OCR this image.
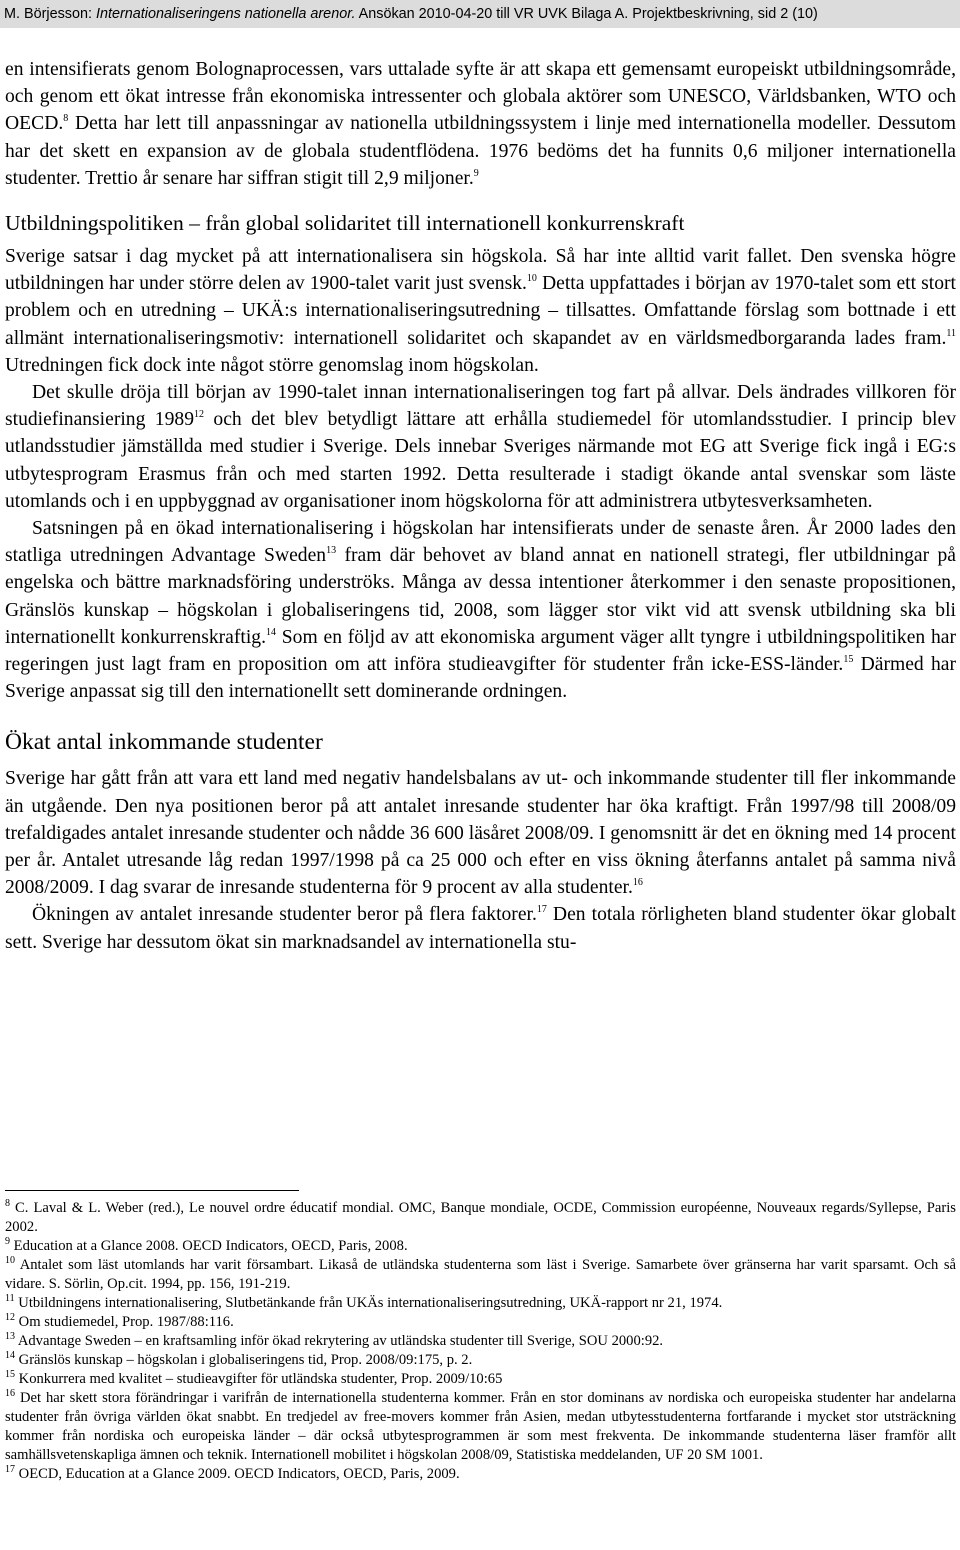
M. Börjesson: Internationaliseringens nationella arenor. Ansökan 2010-04-20 till VR UVK Bilaga A. Projektbeskrivning, sid 2 (10)

en intensifierats genom Bolognaprocessen, vars uttalade syfte är att skapa ett gemensamt europeiskt utbildningsområde, och genom ett ökat intresse från ekonomiska intressenter och globala aktörer som UNESCO, Världsbanken, WTO och OECD.$^8$ Detta har lett till anpassningar av nationella utbildningssystem i linje med internationella modeller. Dessutom har det skett en expansion av de globala studentflödena. 1976 bedöms det ha funnits 0,6 miljoner internationella studenter. Trettio år senare har siffran stigit till 2,9 miljoner.$^9$

Utbildningspolitiken – från global solidaritet till internationell konkurrenskraft

Sverige satsar i dag mycket på att internationalisera sin högskola. Så har inte alltid varit fallet. Den svenska högre utbildningen har under större delen av 1900-talet varit just svensk.$^{10}$ Detta uppfattades i början av 1970-talet som ett stort problem och en utredning – UKÄ:s internationaliseringsutredning – tillsattes. Omfattande förslag som bottnade i ett allmänt internationaliseringsmotiv: internationell solidaritet och skapandet av en världsmedborgaranda lades fram.$^{11}$ Utredningen fick dock inte något större genomslag inom högskolan.

Det skulle dröja till början av 1990-talet innan internationaliseringen tog fart på allvar. Dels ändrades villkoren för studiefinansiering 1989$^{12}$ och det blev betydligt lättare att erhålla studiemedel för utomlandsstudier. I princip blev utlandsstudier jämställda med studier i Sverige. Dels innebar Sveriges närmande mot EG att Sverige fick ingå i EG:s utbytesprogram Erasmus från och med starten 1992. Detta resulterade i stadigt ökande antal svenskar som läste utomlands och i en uppbyggnad av organisationer inom högskolorna för att administrera utbytesverksamheten.

Satsningen på en ökad internationalisering i högskolan har intensifierats under de senaste åren. År 2000 lades den statliga utredningen Advantage Sweden$^{13}$ fram där behovet av bland annat en nationell strategi, fler utbildningar på engelska och bättre marknadsföring underströks. Många av dessa intentioner återkommer i den senaste propositionen, Gränslös kunskap – högskolan i globaliseringens tid, 2008, som lägger stor vikt vid att svensk utbildning ska bli internationellt konkurrenskraftig.$^{14}$ Som en följd av att ekonomiska argument väger allt tyngre i utbildningspolitiken har regeringen just lagt fram en proposition om att införa studieavgifter för studenter från icke-ESS-länder.$^{15}$ Därmed har Sverige anpassat sig till den internationellt sett dominerande ordningen.

Ökat antal inkommande studenter

Sverige har gått från att vara ett land med negativ handelsbalans av ut- och inkommande studenter till fler inkommande än utgående. Den nya positionen beror på att antalet inresande studenter har öka kraftigt. Från 1997/98 till 2008/09 trefaldigades antalet inresande studenter och nådde 36 600 läsåret 2008/09. I genomsnitt är det en ökning med 14 procent per år. Antalet utresande låg redan 1997/1998 på ca 25 000 och efter en viss ökning återfanns antalet på samma nivå 2008/2009. I dag svarar de inresande studenterna för 9 procent av alla studenter.$^{16}$

Ökningen av antalet inresande studenter beror på flera faktorer.$^{17}$ Den totala rörligheten bland studenter ökar globalt sett. Sverige har dessutom ökat sin marknadsandel av internationella stu-

$^8$ C. Laval & L. Weber (red.), Le nouvel ordre éducatif mondial. OMC, Banque mondiale, OCDE, Commission européenne, Nouveaux regards/Syllepse, Paris 2002.

$^9$ Education at a Glance 2008. OECD Indicators, OECD, Paris, 2008.

$^{10}$ Antalet som läst utomlands har varit försambart. Likaså de utländska studenterna som läst i Sverige. Samarbete över gränserna har varit sparsamt. Och så vidare. S. Sörlin, Op.cit. 1994, pp. 156, 191-219.

$^{11}$ Utbildningens internationalisering, Slutbetänkande från UKÄs internationaliseringsutredning, UKÄ-rapport nr 21, 1974.

$^{12}$ Om studiemedel, Prop. 1987/88:116.

$^{13}$ Advantage Sweden – en kraftsamling inför ökad rekrytering av utländska studenter till Sverige, SOU 2000:92.

$^{14}$ Gränslös kunskap – högskolan i globaliseringens tid, Prop. 2008/09:175, p. 2.

$^{15}$ Konkurrera med kvalitet – studieavgifter för utländska studenter, Prop. 2009/10:65

$^{16}$ Det har skett stora förändringar i varifrån de internationella studenterna kommer. Från en stor dominans av nordiska och europeiska studenter har andelarna studenter från övriga världen ökat snabbt. En tredjedel av free-movers kommer från Asien, medan utbytesstudenterna fortfarande i mycket stor utsträckning kommer från nordiska och europeiska länder – där också utbytesprogrammen är som mest frekventa. De inkommande studenterna läser framför allt samhällsvetenskapliga ämnen och teknik. Internationell mobilitet i högskolan 2008/09, Statistiska meddelanden, UF 20 SM 1001.

$^{17}$ OECD, Education at a Glance 2009. OECD Indicators, OECD, Paris, 2009.
